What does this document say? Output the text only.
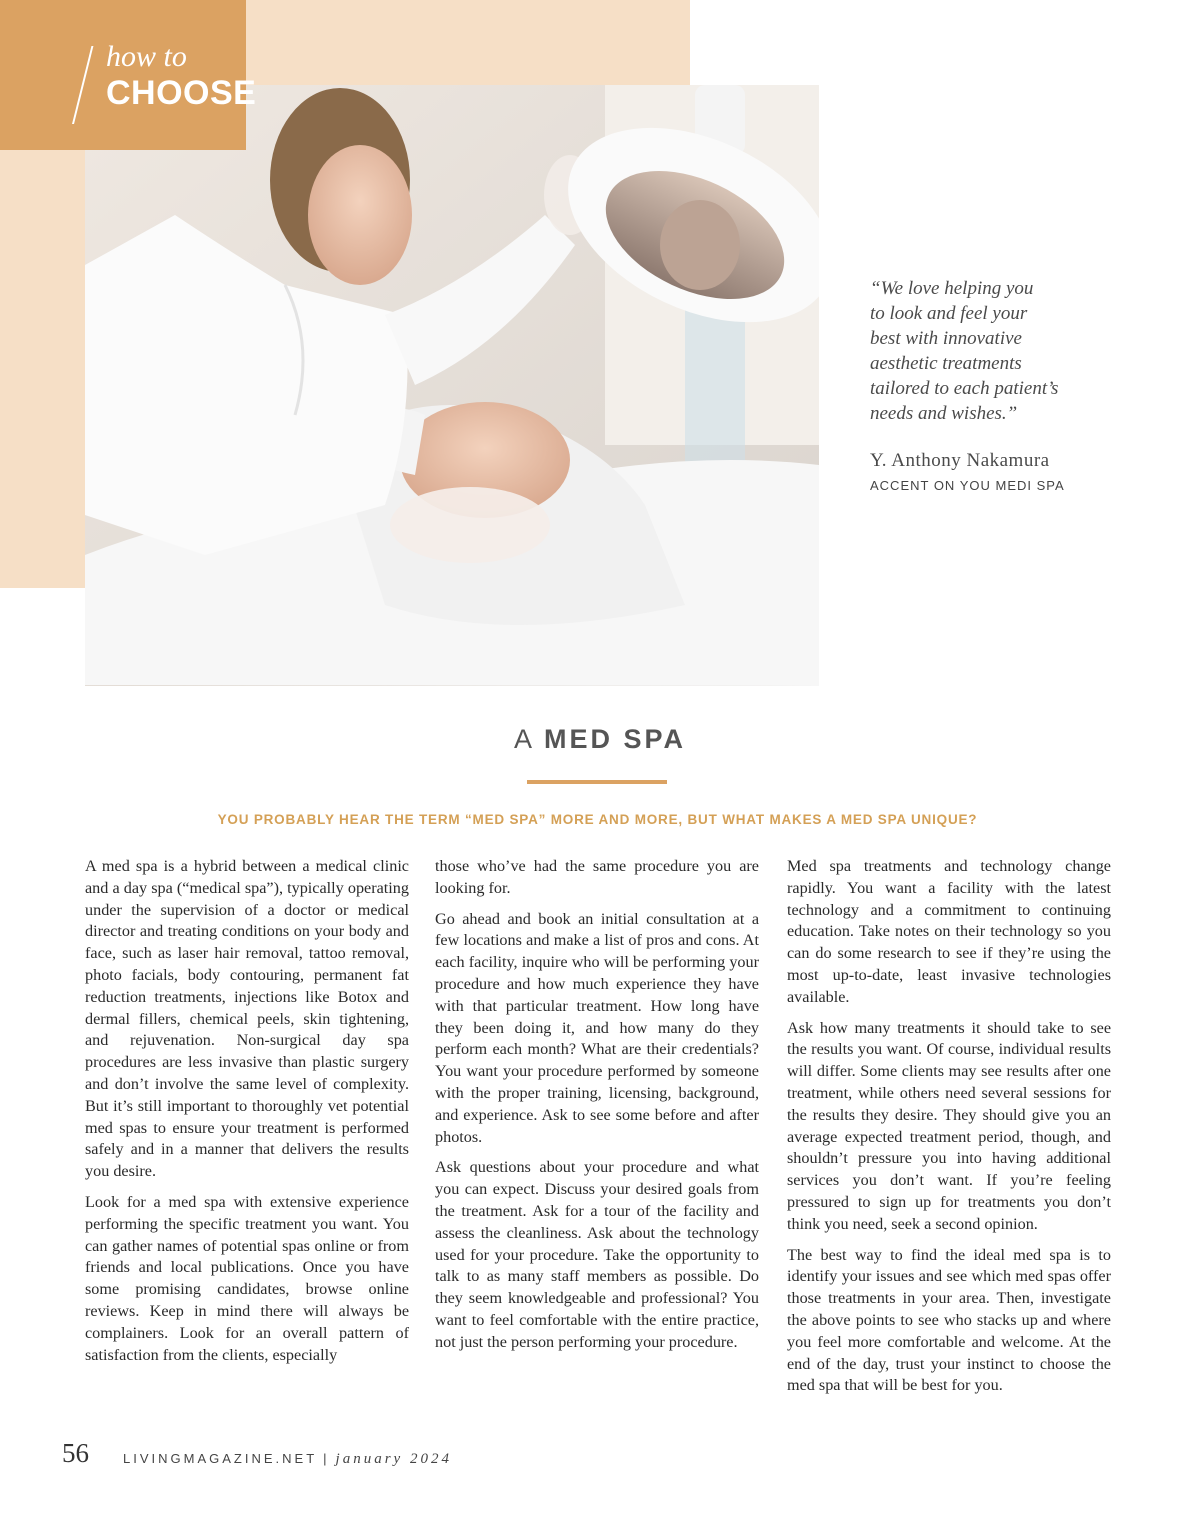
how to
CHOOSE

“We love helping you
to look and feel your
best with innovative
aesthetic treatments
tailored to each patient’s
needs and wishes.”

Y. Anthony Nakamura
ACCENT ON YOU MEDI SPA
A MED SPA
YOU PROBABLY HEAR THE TERM “MED SPA” MORE AND MORE, BUT WHAT MAKES A MED SPA UNIQUE?

A med spa is a hybrid between a medical clinic and a day spa (“medical spa”), typically operating under the supervision of a doctor or medical director and treating conditions on your body and face, such as laser hair removal, tattoo removal, photo facials, body contouring, permanent fat reduction treatments, injections like Botox and dermal fillers, chemical peels, skin tightening, and rejuvenation. Non-surgical day spa procedures are less invasive than plastic surgery and don’t involve the same level of complexity. But it’s still important to thoroughly vet potential med spas to ensure your treatment is performed safely and in a manner that delivers the results you desire.

Look for a med spa with extensive experience performing the specific treatment you want. You can gather names of potential spas online or from friends and local publications. Once you have some promising candidates, browse online reviews. Keep in mind there will always be complainers. Look for an overall pattern of satisfaction from the clients, especially

those who’ve had the same procedure you are looking for.

Go ahead and book an initial consultation at a few locations and make a list of pros and cons. At each facility, inquire who will be performing your procedure and how much experience they have with that particular treatment. How long have they been doing it, and how many do they perform each month? What are their credentials? You want your procedure performed by someone with the proper training, licensing, background, and experience. Ask to see some before and after photos.

Ask questions about your procedure and what you can expect. Discuss your desired goals from the treatment. Ask for a tour of the facility and assess the cleanliness. Ask about the technology used for your procedure. Take the opportunity to talk to as many staff members as possible. Do they seem knowledgeable and professional? You want to feel comfortable with the entire practice, not just the person performing your procedure.

Med spa treatments and technology change rapidly. You want a facility with the latest technology and a commitment to continuing education. Take notes on their technology so you can do some research to see if they’re using the most up-to-date, least invasive technologies available.

Ask how many treatments it should take to see the results you want. Of course, individual results will differ. Some clients may see results after one treatment, while others need several sessions for the results they desire. They should give you an average expected treatment period, though, and shouldn’t pressure you into having additional services you don’t want. If you’re feeling pressured to sign up for treatments you don’t think you need, seek a second opinion.

The best way to find the ideal med spa is to identify your issues and see which med spas offer those treatments in your area. Then, investigate the above points to see who stacks up and where you feel more comfortable and welcome. At the end of the day, trust your instinct to choose the med spa that will be best for you.

56	LIVINGMAGAZINE.NET | january 2024
